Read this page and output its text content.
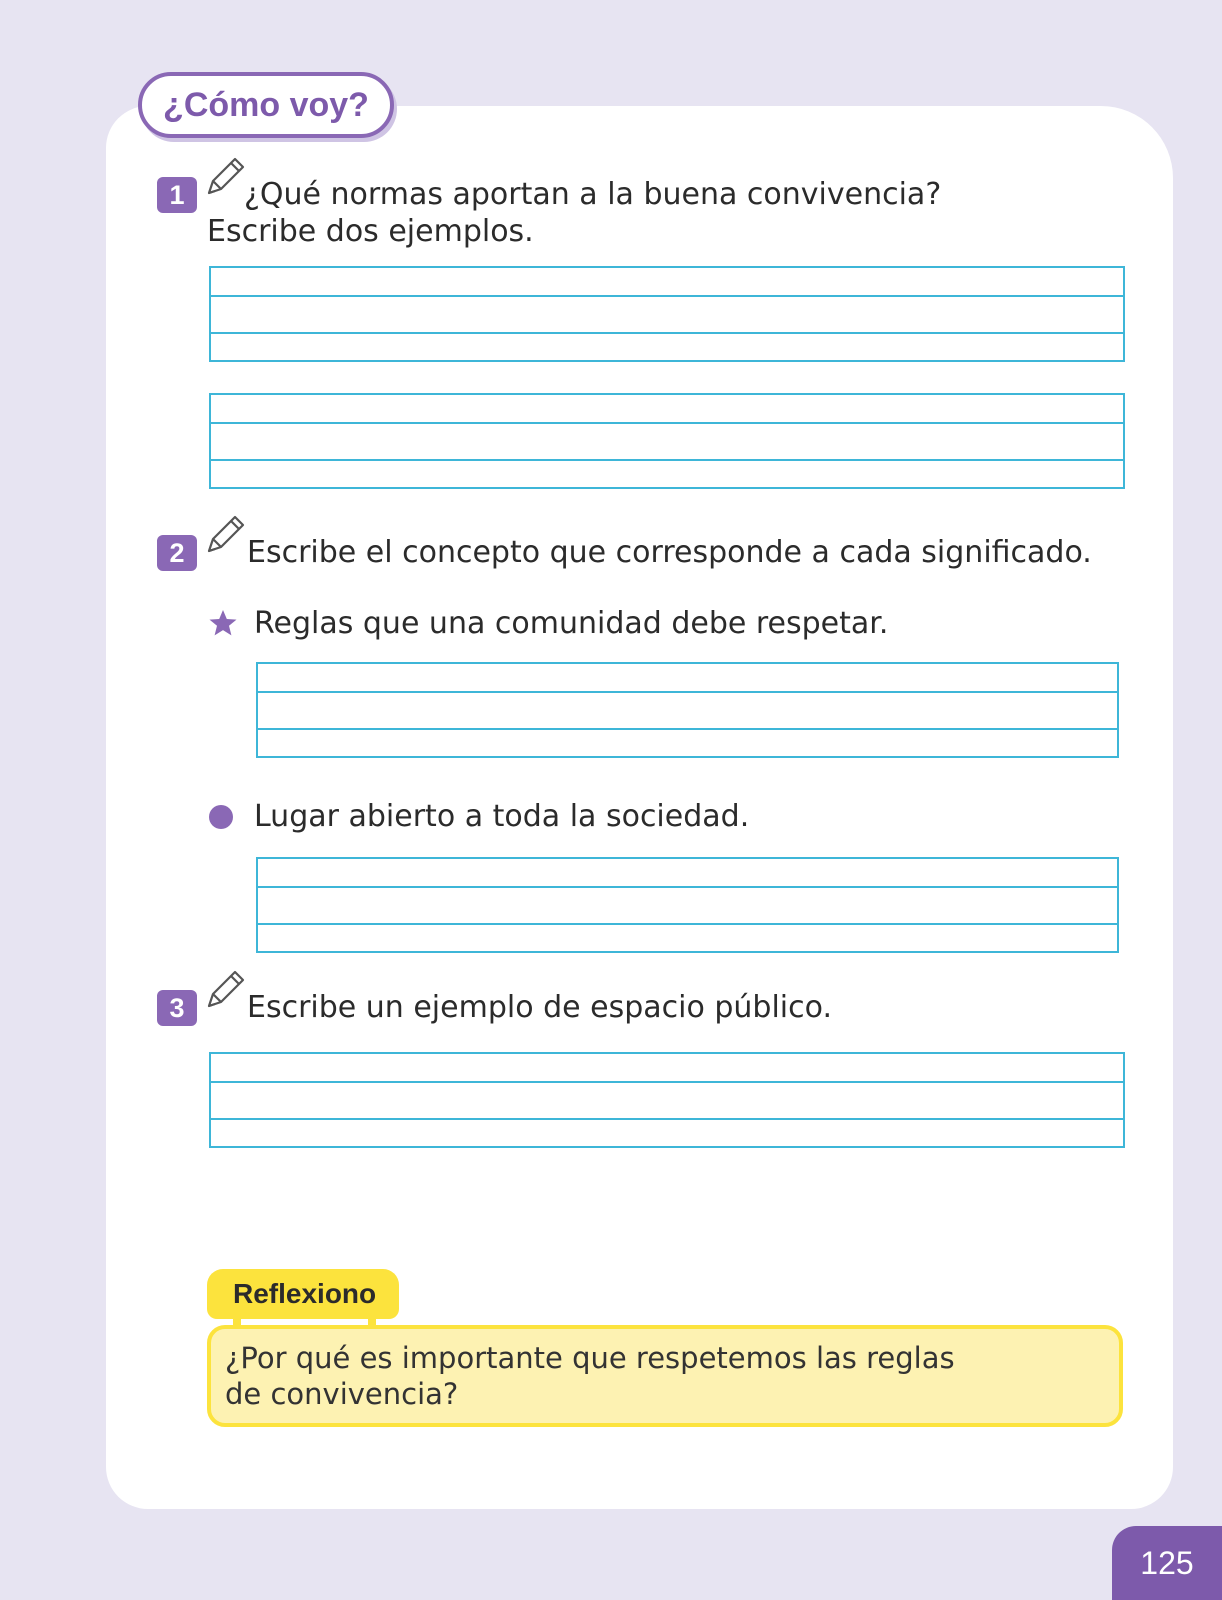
¿Cómo voy?
1	¿Qué normas aportan a la buena convivencia?
Escribe dos ejemplos.
2	Escribe el concepto que corresponde a cada significado.
Reglas que una comunidad debe respetar.
Lugar abierto a toda la sociedad.
3	Escribe un ejemplo de espacio público.
Reflexiono
¿Por qué es importante que respetemos las reglas
de convivencia?
125
